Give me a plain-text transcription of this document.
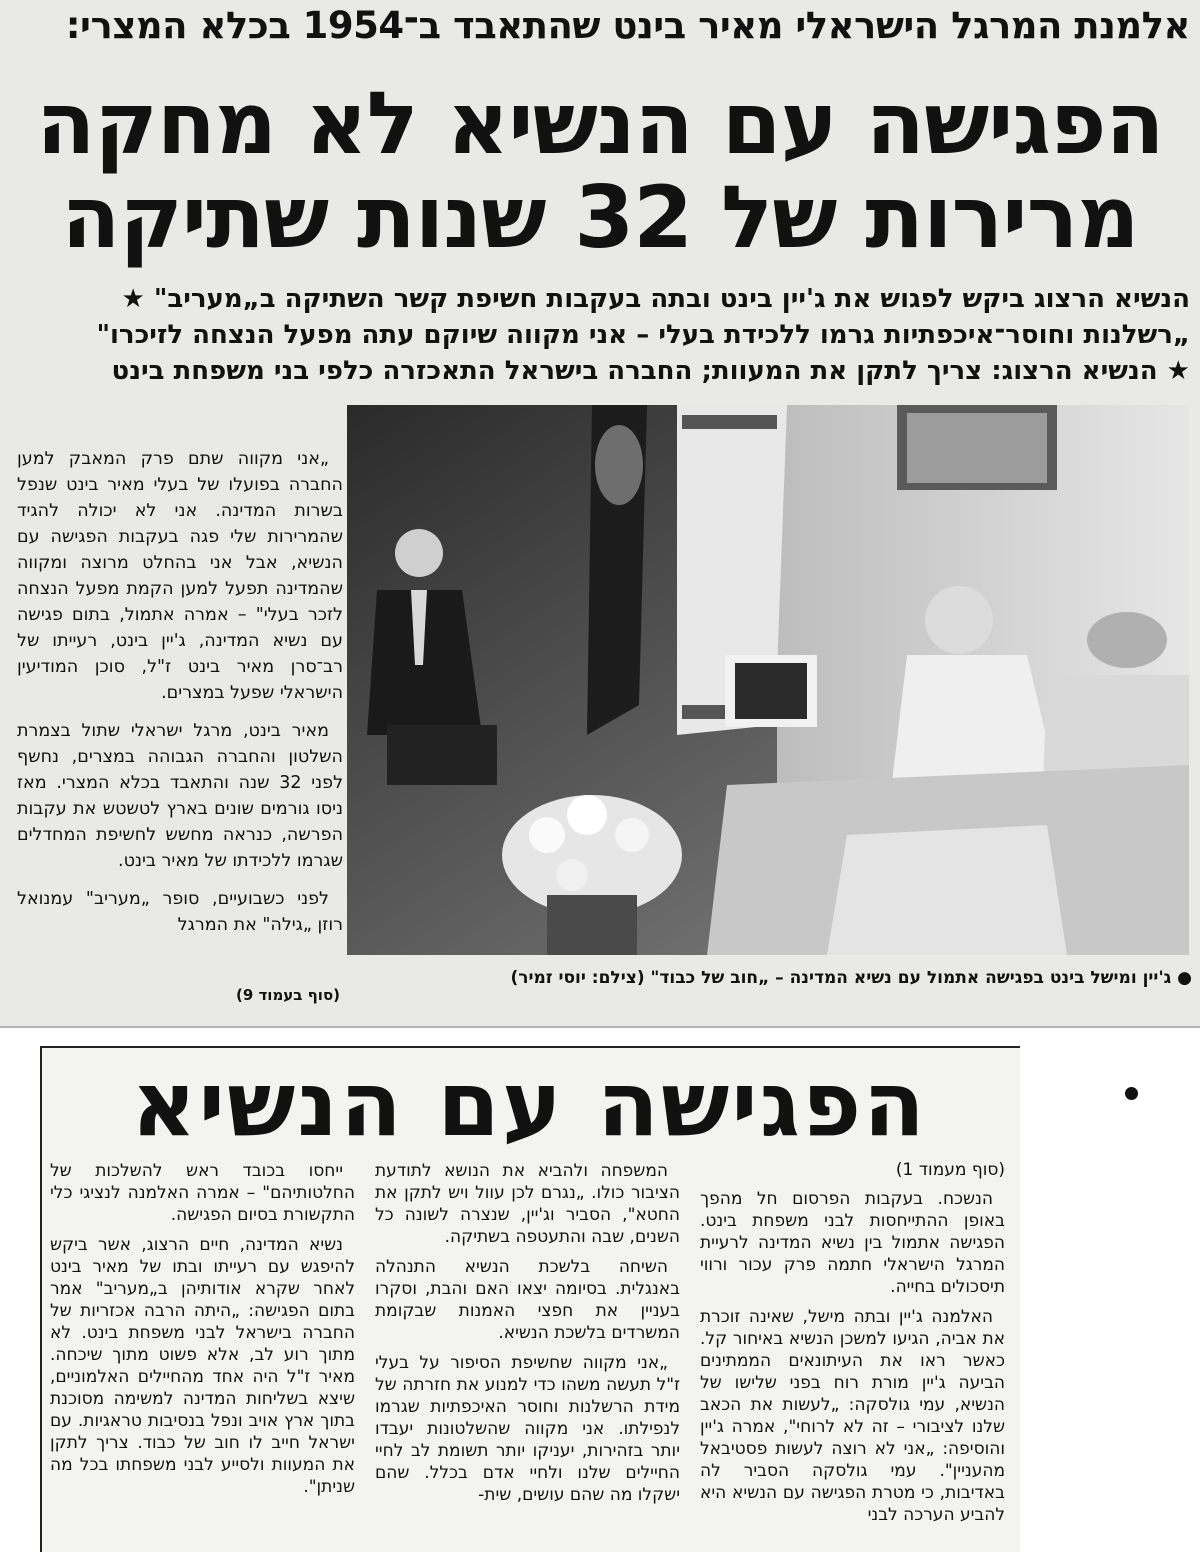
אלמנת המרגל הישראלי מאיר בינט שהתאבד ב־1954 בכלא המצרי:
הפגישה עם הנשיא לא מחקה
מרירות של 32 שנות שתיקה
הנשיא הרצוג ביקש לפגוש את ג'יין בינט ובתה בעקבות חשיפת קשר השתיקה ב„מעריב" ★
„רשלנות וחוסר־איכפתיות גרמו ללכידת בעלי – אני מקווה שיוקם עתה מפעל הנצחה לזיכרו"
★ הנשיא הרצוג: צריך לתקן את המעוות; החברה בישראל התאכזרה כלפי בני משפחת בינט

„אני מקווה שתם פרק המאבק למען החברה בפועלו של בעלי מאיר בינט שנפל בשרות המדינה. אני לא יכולה להגיד שהמרירות שלי פגה בעקבות הפגישה עם הנשיא, אבל אני בהחלט מרוצה ומקווה שהמדינה תפעל למען הקמת מפעל הנצחה לזכר בעלי" – אמרה אתמול, בתום פגישה עם נשיא המדינה, ג'יין בינט, רעייתו של רב־סרן מאיר בינט ז"ל, סוכן המודיעין הישראלי שפעל במצרים.

מאיר בינט, מרגל ישראלי שתול בצמרת השלטון והחברה הגבוהה במצרים, נחשף לפני 32 שנה והתאבד בכלא המצרי. מאז ניסו גורמים שונים בארץ לטשטש את עקבות הפרשה, כנראה מחשש לחשיפת המחדלים שגרמו ללכידתו של מאיר בינט.

לפני כשבועיים, סופר „מעריב" עמנואל רוזן „גילה" את המרגל

(סוף בעמוד 9)
● ג'יין ומישל בינט בפגישה אתמול עם נשיא המדינה – „חוב של כבוד" (צילם: יוסי זמיר)
הפגישה עם הנשיא
(סוף מעמוד 1)

הנשכח. בעקבות הפרסום חל מהפך באופן ההתייחסות לבני משפחת בינט. הפגישה אתמול בין נשיא המדינה לרעיית המרגל הישראלי חתמה פרק עכור ורווי תיסכולים בחייה.

האלמנה ג'יין ובתה מישל, שאינה זוכרת את אביה, הגיעו למשכן הנשיא באיחור קל. כאשר ראו את העיתונאים הממתינים הביעה ג'יין מורת רוח בפני שלישו של הנשיא, עמי גולסקה: „לעשות את הכאב שלנו לציבורי – זה לא לרוחי", אמרה ג'יין והוסיפה: „אני לא רוצה לעשות פסטיבאל מהעניין". עמי גולסקה הסביר לה באדיבות, כי מטרת הפגישה עם הנשיא היא להביע הערכה לבני

המשפחה ולהביא את הנושא לתודעת הציבור כולו. „נגרם לכן עוול ויש לתקן את החטא", הסביר וג'יין, שנצרה לשונה כל השנים, שבה והתעטפה בשתיקה.

השיחה בלשכת הנשיא התנהלה באנגלית. בסיומה יצאו האם והבת, וסקרו בעניין את חפצי האמנות שבקומת המשרדים בלשכת הנשיא.

„אני מקווה שחשיפת הסיפור על בעלי ז"ל תעשה משהו כדי למנוע את חזרתה של מידת הרשלנות וחוסר האיכפתיות שגרמו לנפילתו. אני מקווה שהשלטונות יעבדו יותר בזהירות, יעניקו יותר תשומת לב לחיי החיילים שלנו ולחיי אדם בכלל. שהם ישקלו מה שהם עושים, שית-

ייחסו בכובד ראש להשלכות של החלטותיהם" – אמרה האלמנה לנציגי כלי התקשורת בסיום הפגישה.

נשיא המדינה, חיים הרצוג, אשר ביקש להיפגש עם רעייתו ובתו של מאיר בינט לאחר שקרא אודותיהן ב„מעריב" אמר בתום הפגישה: „היתה הרבה אכזריות של החברה בישראל לבני משפחת בינט. לא מתוך רוע לב, אלא פשוט מתוך שיכחה. מאיר ז"ל היה אחד מהחיילים האלמוניים, שיצא בשליחות המדינה למשימה מסוכנת בתוך ארץ אויב ונפל בנסיבות טראגיות. עם ישראל חייב לו חוב של כבוד. צריך לתקן את המעוות ולסייע לבני משפחתו בכל מה שניתן".
